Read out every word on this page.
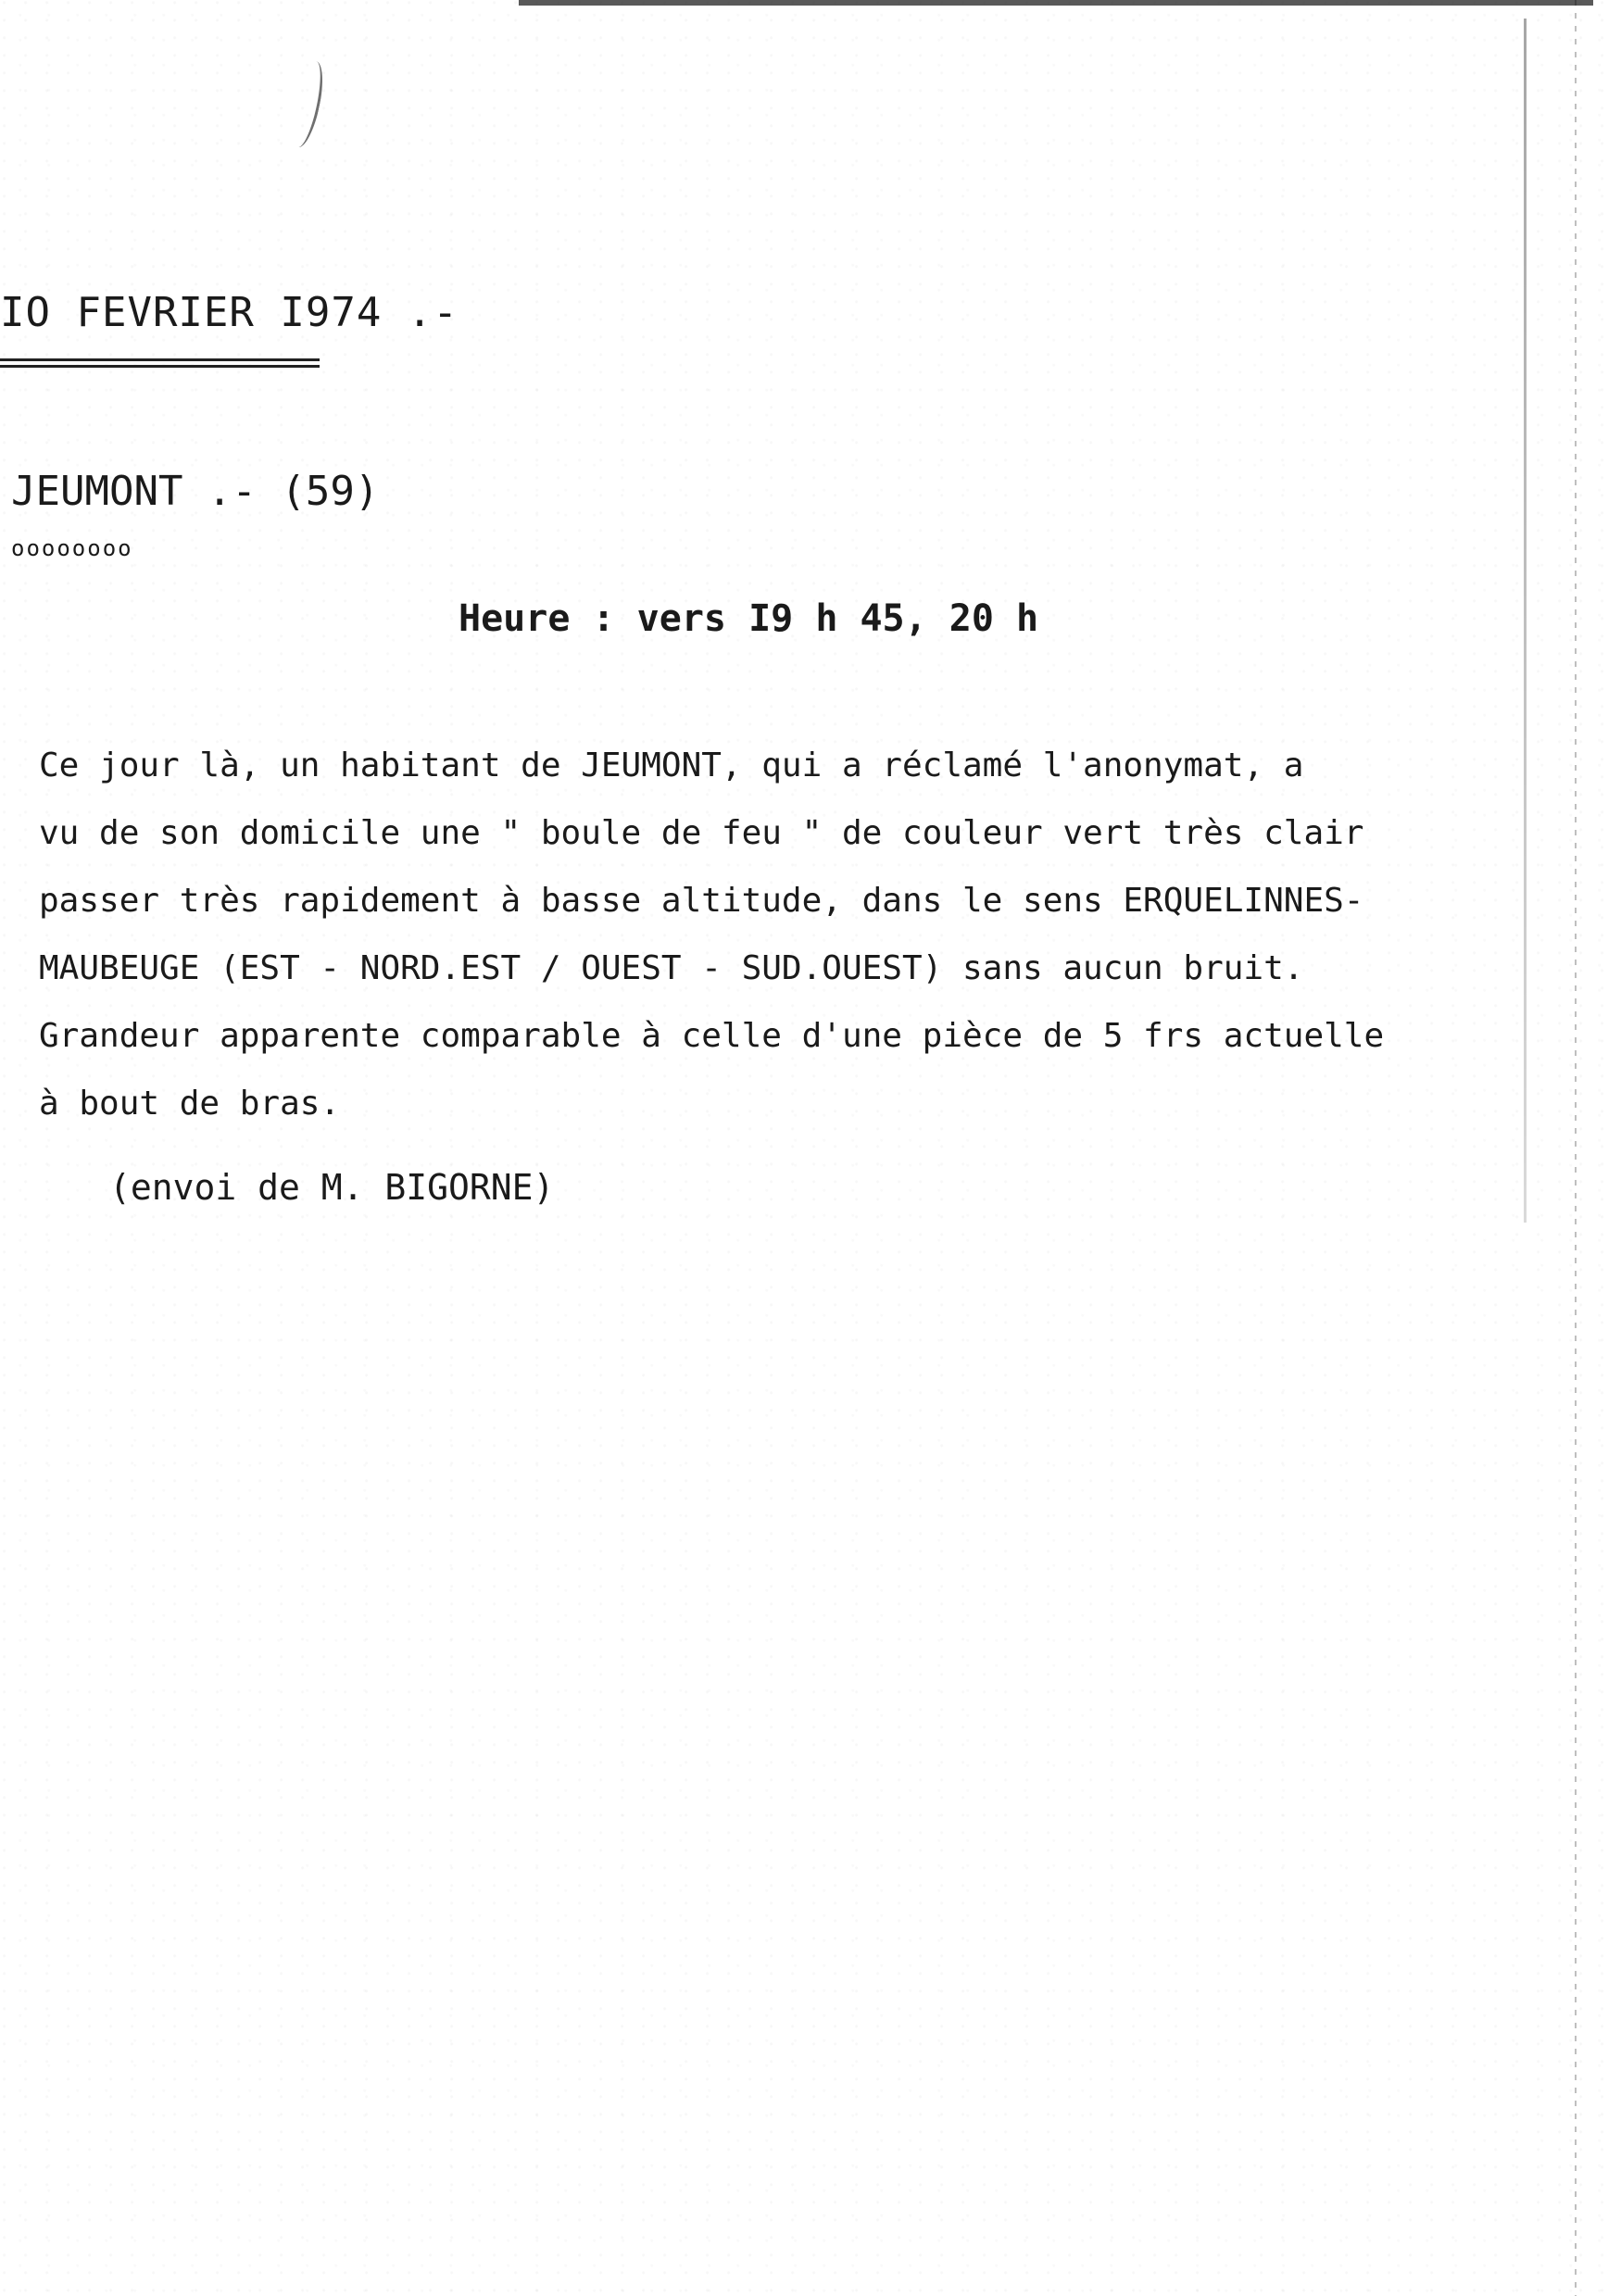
IO FEVRIER I974 .-
JEUMONT .- (59)
oooooooo
Heure : vers I9 h 45, 20 h
Ce jour là, un habitant de JEUMONT, qui a réclamé l'anonymat, a
vu de son domicile une " boule de feu " de couleur vert très clair
passer très rapidement à basse altitude, dans le sens ERQUELINNES-
MAUBEUGE (EST - NORD.EST / OUEST - SUD.OUEST) sans aucun bruit.
Grandeur apparente comparable à celle d'une pièce de 5 frs actuelle
à bout de bras.
(envoi de M. BIGORNE)
